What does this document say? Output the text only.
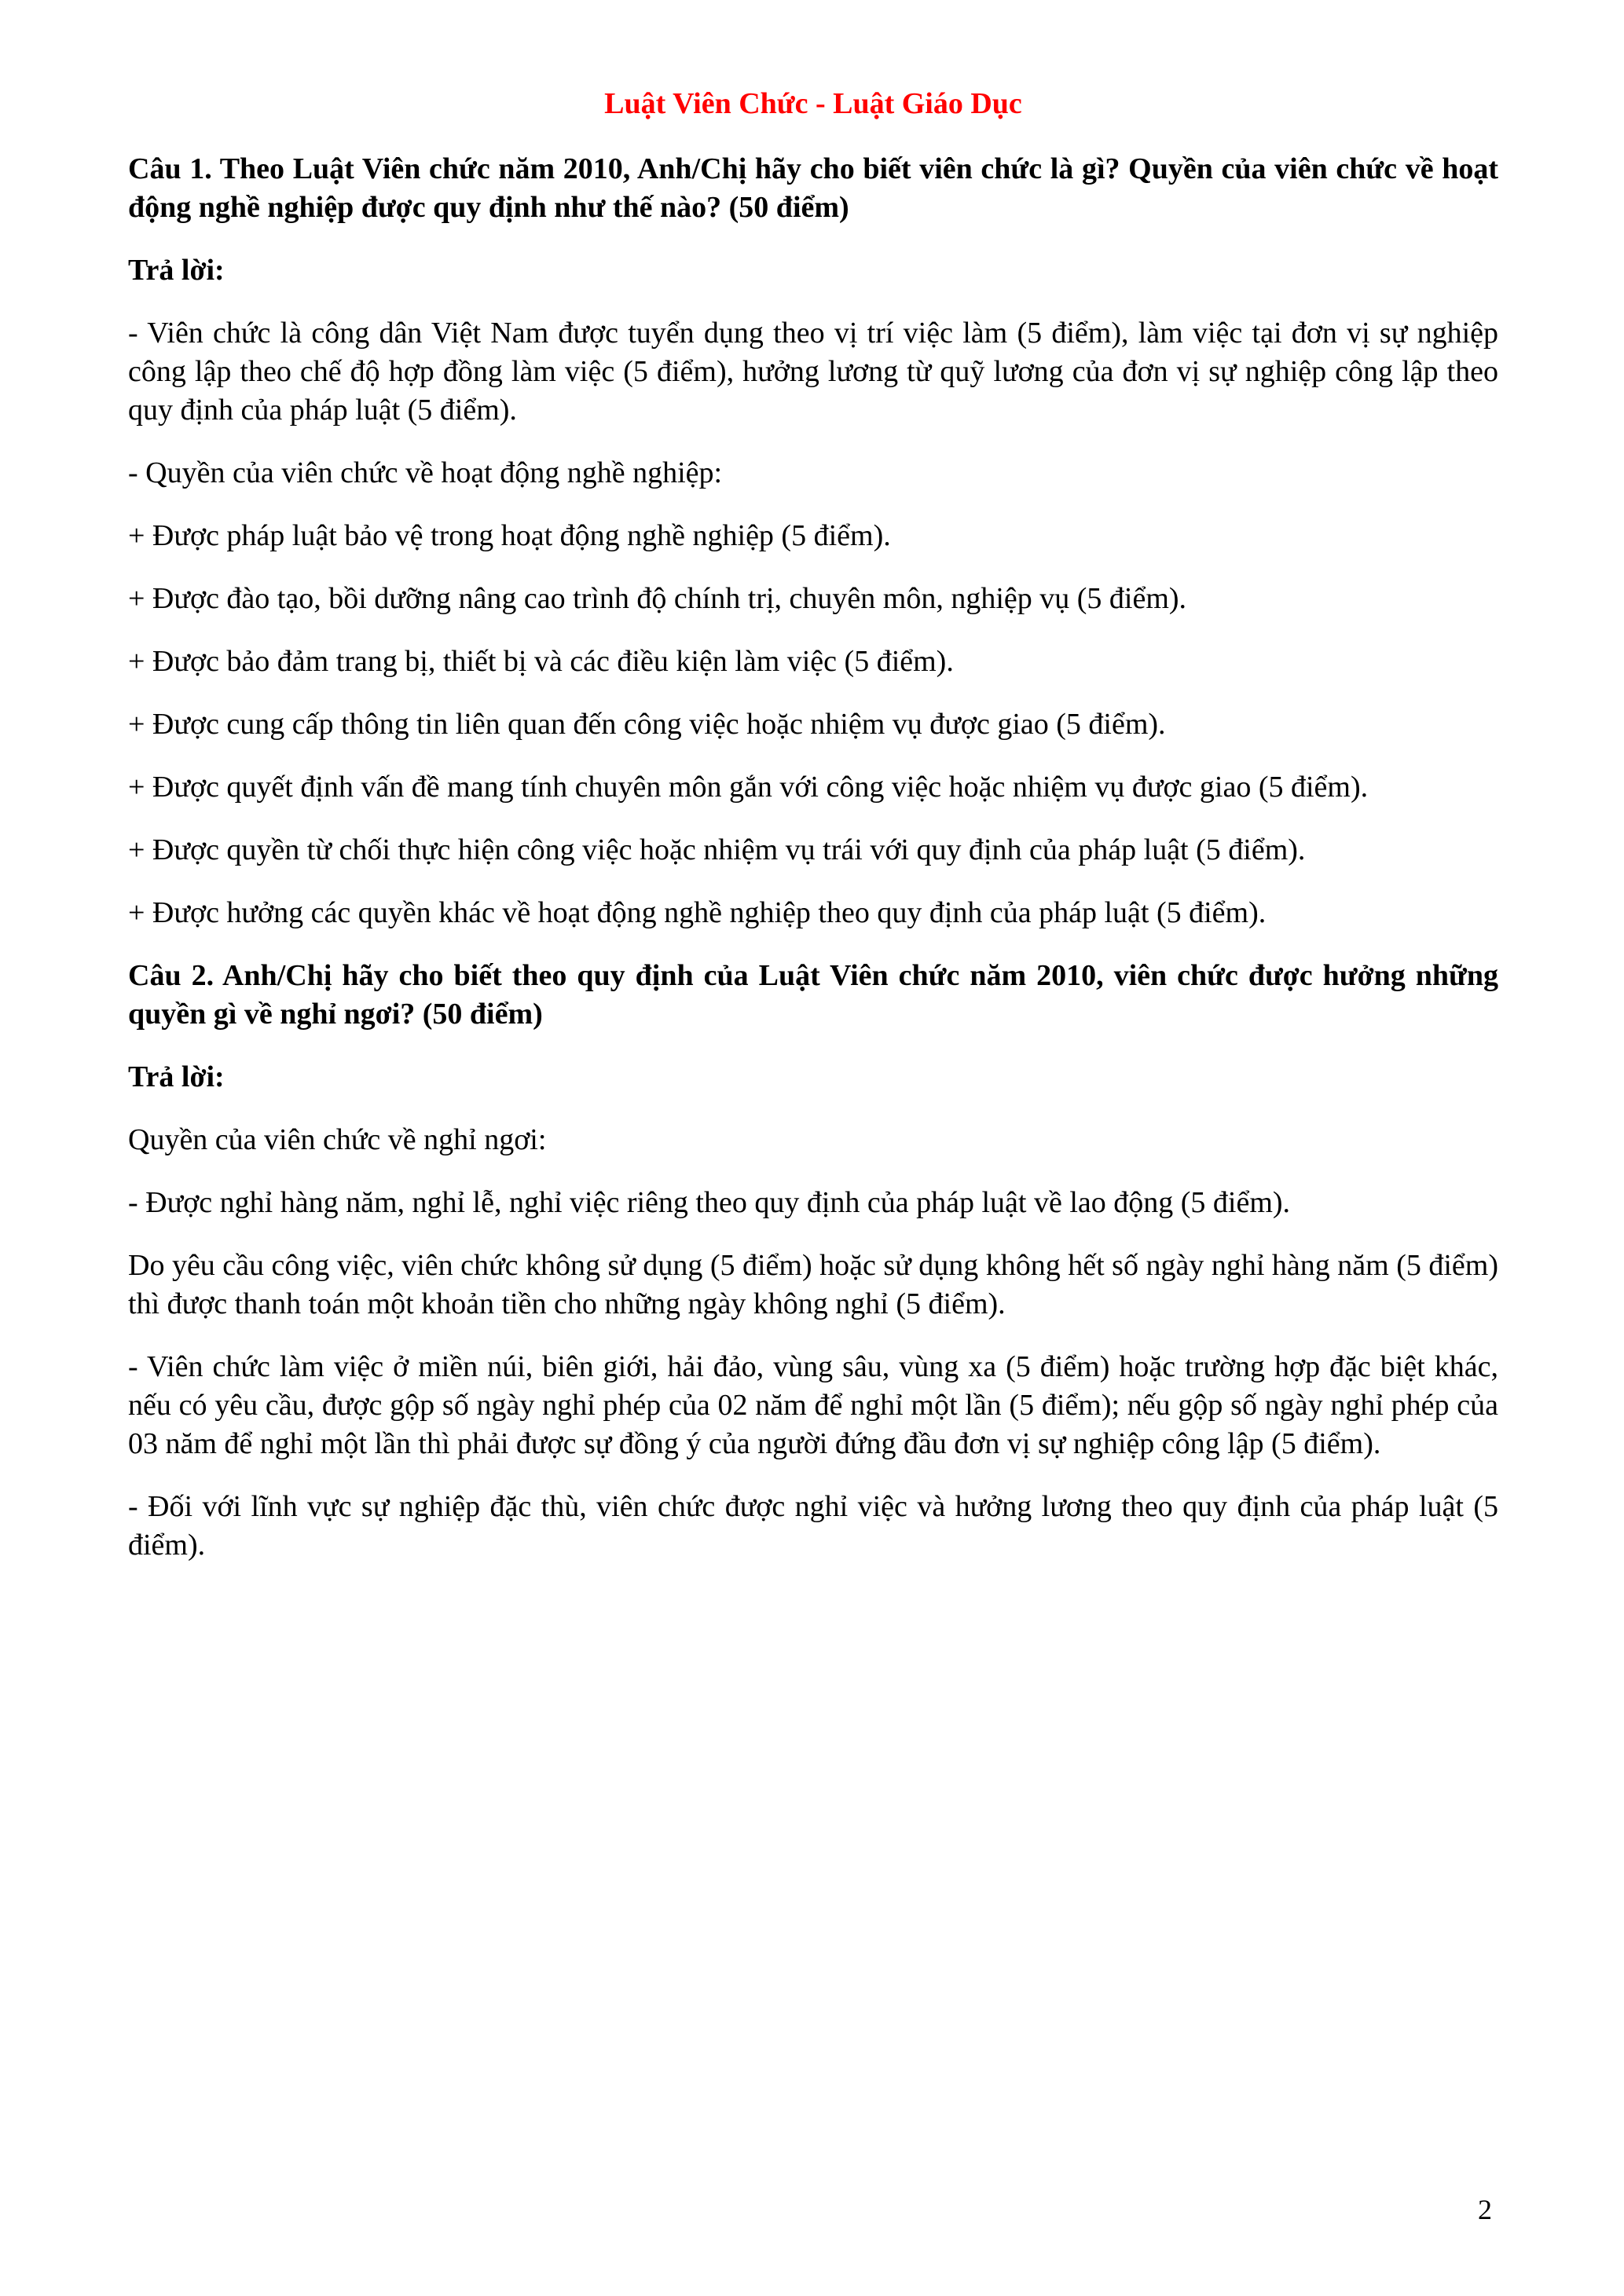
Luật Viên Chức - Luật Giáo Dục

Câu 1. Theo Luật Viên chức năm 2010, Anh/Chị hãy cho biết viên chức là gì? Quyền của viên chức về hoạt động nghề nghiệp được quy định như thế nào? (50 điểm)

Trả lời:

- Viên chức là công dân Việt Nam được tuyển dụng theo vị trí việc làm (5 điểm), làm việc tại đơn vị sự nghiệp công lập theo chế độ hợp đồng làm việc (5 điểm), hưởng lương từ quỹ lương của đơn vị sự nghiệp công lập theo quy định của pháp luật (5 điểm).

- Quyền của viên chức về hoạt động nghề nghiệp:

+ Được pháp luật bảo vệ trong hoạt động nghề nghiệp (5 điểm).

+ Được đào tạo, bồi dưỡng nâng cao trình độ chính trị, chuyên môn, nghiệp vụ (5 điểm).

+ Được bảo đảm trang bị, thiết bị và các điều kiện làm việc (5 điểm).

+ Được cung cấp thông tin liên quan đến công việc hoặc nhiệm vụ được giao (5 điểm).

+ Được quyết định vấn đề mang tính chuyên môn gắn với công việc hoặc nhiệm vụ được giao (5 điểm).

+ Được quyền từ chối thực hiện công việc hoặc nhiệm vụ trái với quy định của pháp luật (5 điểm).

+ Được hưởng các quyền khác về hoạt động nghề nghiệp theo quy định của pháp luật (5 điểm).

Câu 2. Anh/Chị hãy cho biết theo quy định của Luật Viên chức năm 2010, viên chức được hưởng những quyền gì về nghỉ ngơi? (50 điểm)

Trả lời:

Quyền của viên chức về nghỉ ngơi:

- Được nghỉ hàng năm, nghỉ lễ, nghỉ việc riêng theo quy định của pháp luật về lao động (5 điểm).

Do yêu cầu công việc, viên chức không sử dụng (5 điểm) hoặc sử dụng không hết số ngày nghỉ hàng năm (5 điểm) thì được thanh toán một khoản tiền cho những ngày không nghỉ (5 điểm).

- Viên chức làm việc ở miền núi, biên giới, hải đảo, vùng sâu, vùng xa (5 điểm) hoặc trường hợp đặc biệt khác, nếu có yêu cầu, được gộp số ngày nghỉ phép của 02 năm để nghỉ một lần (5 điểm); nếu gộp số ngày nghỉ phép của 03 năm để nghỉ một lần thì phải được sự đồng ý của người đứng đầu đơn vị sự nghiệp công lập (5 điểm).

- Đối với lĩnh vực sự nghiệp đặc thù, viên chức được nghỉ việc và hưởng lương theo quy định của pháp luật (5 điểm).

2
